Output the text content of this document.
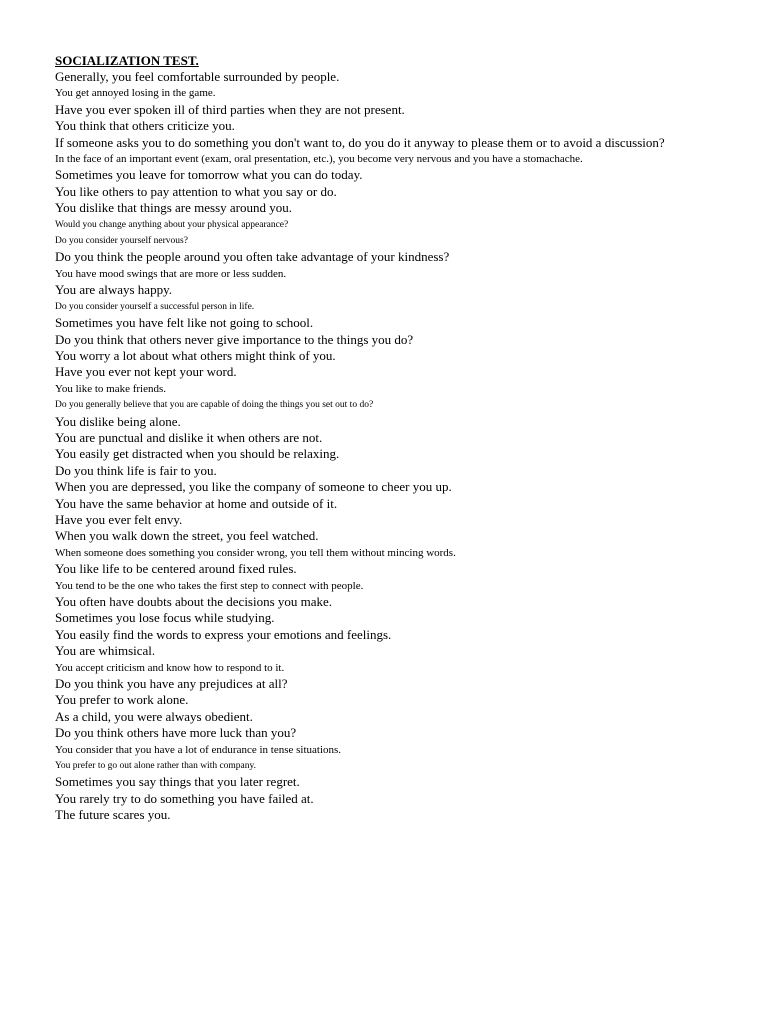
SOCIALIZATION TEST.
Generally, you feel comfortable surrounded by people.
You get annoyed losing in the game.
Have you ever spoken ill of third parties when they are not present.
You think that others criticize you.
If someone asks you to do something you don't want to, do you do it anyway to please them or to avoid a discussion?
In the face of an important event (exam, oral presentation, etc.), you become very nervous and you have a stomachache.
Sometimes you leave for tomorrow what you can do today.
You like others to pay attention to what you say or do.
You dislike that things are messy around you.
Would you change anything about your physical appearance?
Do you consider yourself nervous?
Do you think the people around you often take advantage of your kindness?
You have mood swings that are more or less sudden.
You are always happy.
Do you consider yourself a successful person in life.
Sometimes you have felt like not going to school.
Do you think that others never give importance to the things you do?
You worry a lot about what others might think of you.
Have you ever not kept your word.
You like to make friends.
Do you generally believe that you are capable of doing the things you set out to do?
You dislike being alone.
You are punctual and dislike it when others are not.
You easily get distracted when you should be relaxing.
Do you think life is fair to you.
When you are depressed, you like the company of someone to cheer you up.
You have the same behavior at home and outside of it.
Have you ever felt envy.
When you walk down the street, you feel watched.
When someone does something you consider wrong, you tell them without mincing words.
You like life to be centered around fixed rules.
You tend to be the one who takes the first step to connect with people.
You often have doubts about the decisions you make.
Sometimes you lose focus while studying.
You easily find the words to express your emotions and feelings.
You are whimsical.
You accept criticism and know how to respond to it.
Do you think you have any prejudices at all?
You prefer to work alone.
As a child, you were always obedient.
Do you think others have more luck than you?
You consider that you have a lot of endurance in tense situations.
You prefer to go out alone rather than with company.
Sometimes you say things that you later regret.
You rarely try to do something you have failed at.
The future scares you.
